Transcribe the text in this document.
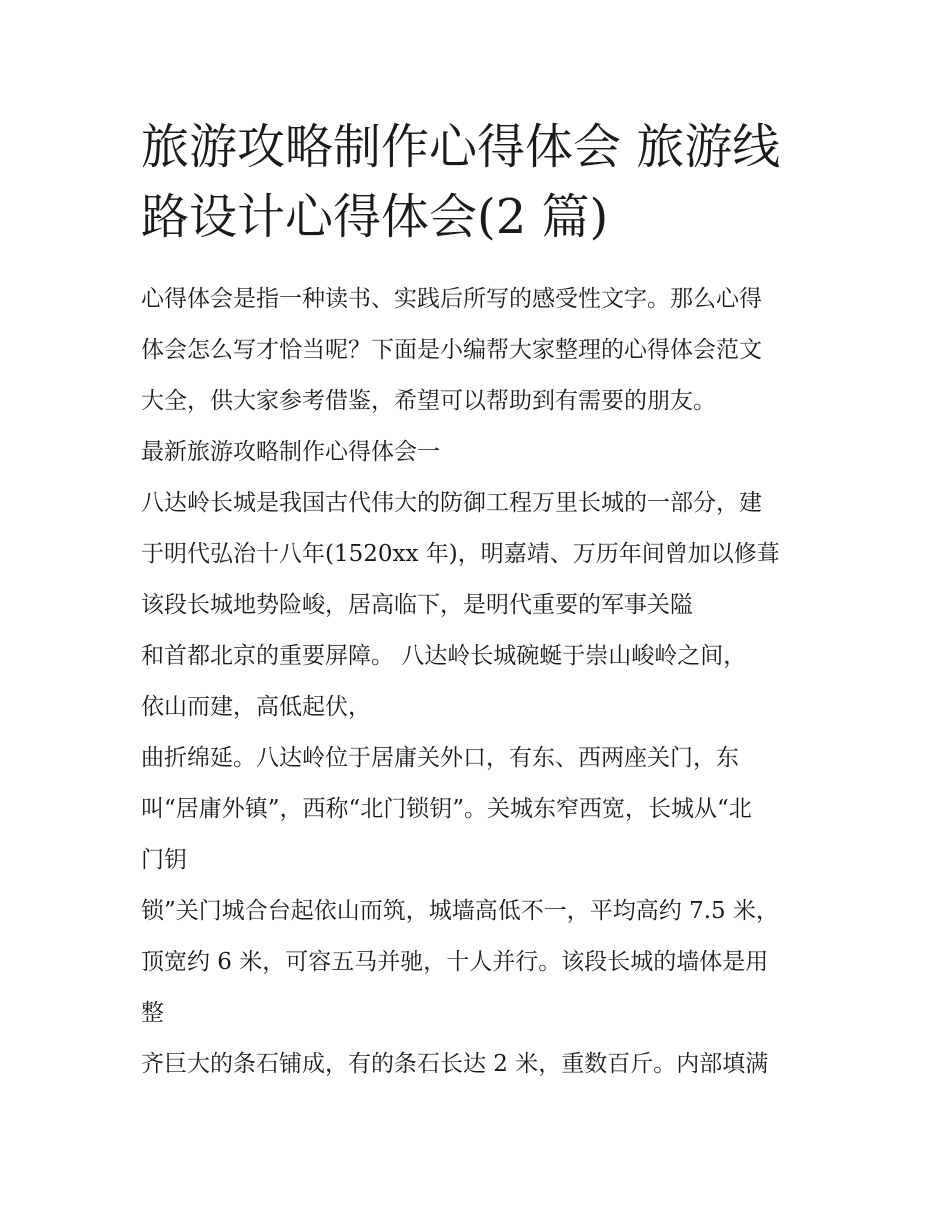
旅游攻略制作心得体会 旅游线
路设计心得体会(2 篇)
心得体会是指一种读书、实践后所写的感受性文字。那么心得
体会怎么写才恰当呢？下面是小编帮大家整理的心得体会范文
大全，供大家参考借鉴，希望可以帮助到有需要的朋友。
最新旅游攻略制作心得体会一
八达岭长城是我国古代伟大的防御工程万里长城的一部分，建
于明代弘治十八年(1520xx 年)，明嘉靖、万历年间曾加以修葺
该段长城地势险峻，居高临下，是明代重要的军事关隘
和首都北京的重要屏障。 八达岭长城碗蜒于崇山峻岭之间，
依山而建，高低起伏，
曲折绵延。八达岭位于居庸关外口，有东、西两座关门，东
叫“居庸外镇”，西称“北门锁钥”。关城东窄西宽，长城从“北
门钥
锁”关门城合台起依山而筑，城墙高低不一，平均高约 7.5 米，
顶宽约 6 米，可容五马并驰，十人并行。该段长城的墙体是用
整
齐巨大的条石铺成，有的条石长达 2 米，重数百斤。内部填满
